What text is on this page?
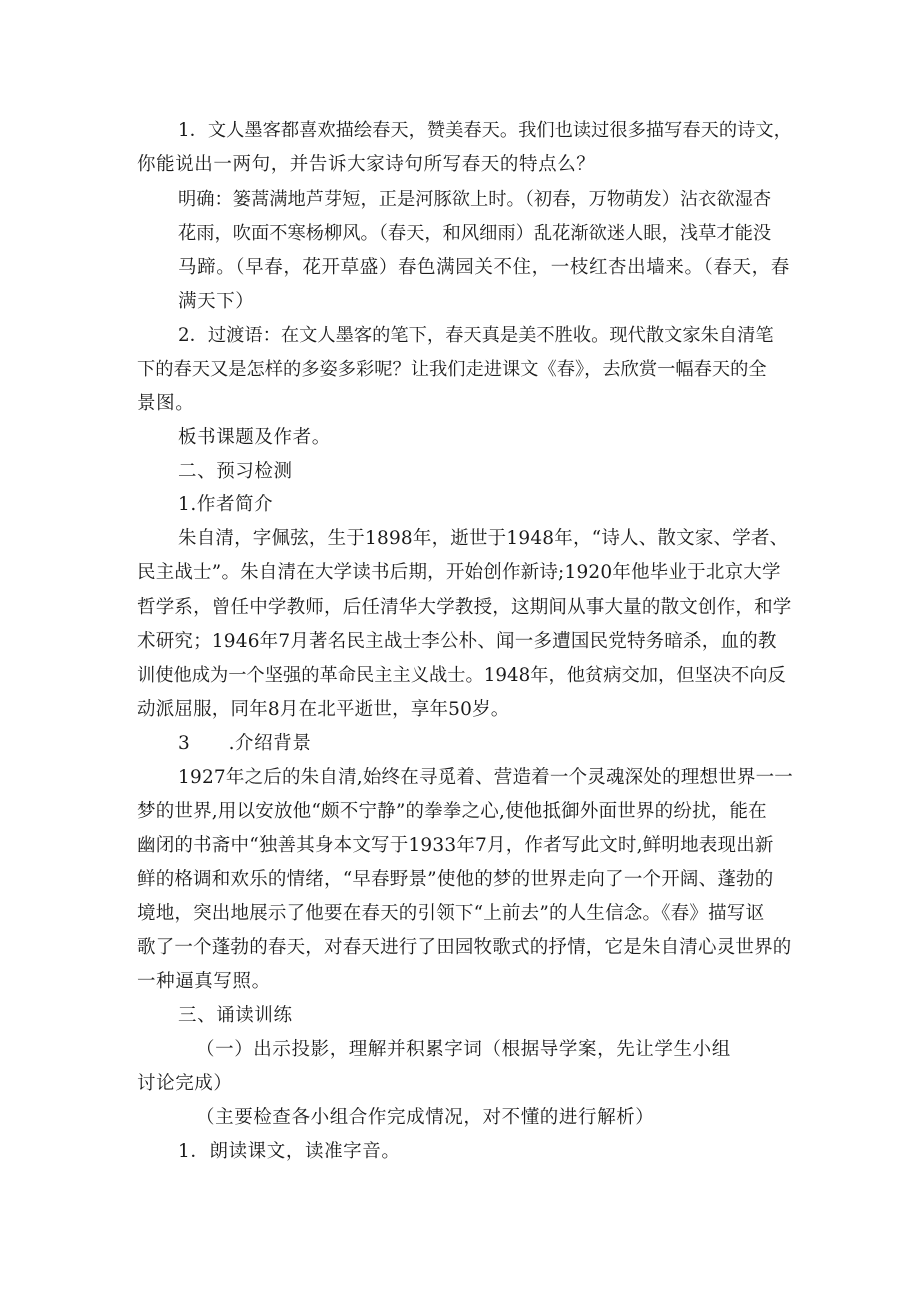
1．文人墨客都喜欢描绘春天，赞美春天。我们也读过很多描写春天的诗文，
你能说出一两句，并告诉大家诗句所写春天的特点么？
明确：篓蒿满地芦芽短，正是河豚欲上时。（初春，万物萌发）沾衣欲湿杏
花雨，吹面不寒杨柳风。（春天，和风细雨）乱花渐欲迷人眼，浅草才能没
马蹄。（早春，花开草盛）春色满园关不住，一枝红杏出墙来。（春天，春
满天下）
2．过渡语：在文人墨客的笔下，春天真是美不胜收。现代散文家朱自清笔
下的春天又是怎样的多姿多彩呢？让我们走进课文《春》，去欣赏一幅春天的全
景图。
板书课题及作者。
二、预习检测
1.作者简介
朱自清，字佩弦，生于1898年，逝世于1948年，“诗人、散文家、学者、
民主战士”。朱自清在大学读书后期，开始创作新诗;1920年他毕业于北京大学
哲学系，曾任中学教师，后任清华大学教授，这期间从事大量的散文创作，和学
术研究；1946年7月著名民主战士李公朴、闻一多遭国民党特务暗杀，血的教
训使他成为一个坚强的革命民主主义战士。1948年，他贫病交加，但坚决不向反
动派屈服，同年8月在北平逝世，享年50岁。
3　　.介绍背景
1927年之后的朱自清,始终在寻觅着、营造着一个灵魂深处的理想世界一一
梦的世界,用以安放他“颇不宁静”的拳拳之心,使他抵御外面世界的纷扰，能在
幽闭的书斋中“独善其身本文写于1933年7月，作者写此文时,鲜明地表现出新
鲜的格调和欢乐的情绪，“早春野景”使他的梦的世界走向了一个开阔、蓬勃的
境地，突出地展示了他要在春天的引领下“上前去”的人生信念。《春》描写讴
歌了一个蓬勃的春天，对春天进行了田园牧歌式的抒情，它是朱自清心灵世界的
一种逼真写照。
三、诵读训练
（一）出示投影，理解并积累字词（根据导学案，先让学生小组
讨论完成）
（主要检查各小组合作完成情况，对不懂的进行解析）
1．朗读课文，读准字音。
